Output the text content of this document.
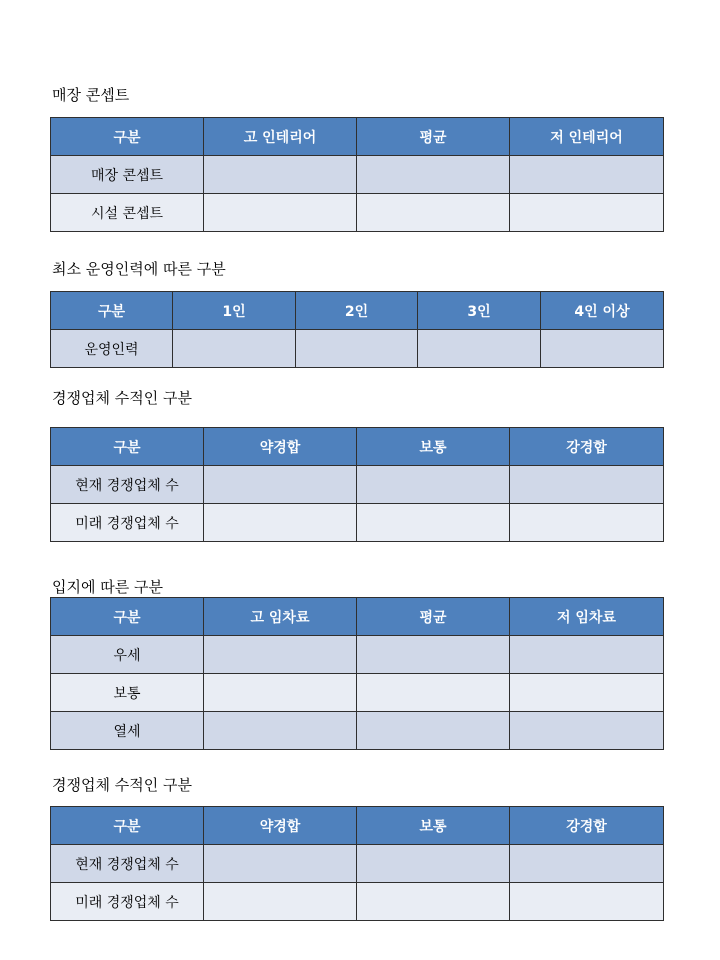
매장 콘셉트
구분	고 인테리어	평균	저 인테리어
매장 콘셉트			
시설 콘셉트			
최소 운영인력에 따른 구분
구분	1인	2인	3인	4인 이상
운영인력				
경쟁업체 수적인 구분
구분	약경합	보통	강경합
현재 경쟁업체 수			
미래 경쟁업체 수			
입지에 따른 구분
구분	고 임차료	평균	저 임차료
우세			
보통			
열세			
경쟁업체 수적인 구분
구분	약경합	보통	강경합
현재 경쟁업체 수			
미래 경쟁업체 수			
